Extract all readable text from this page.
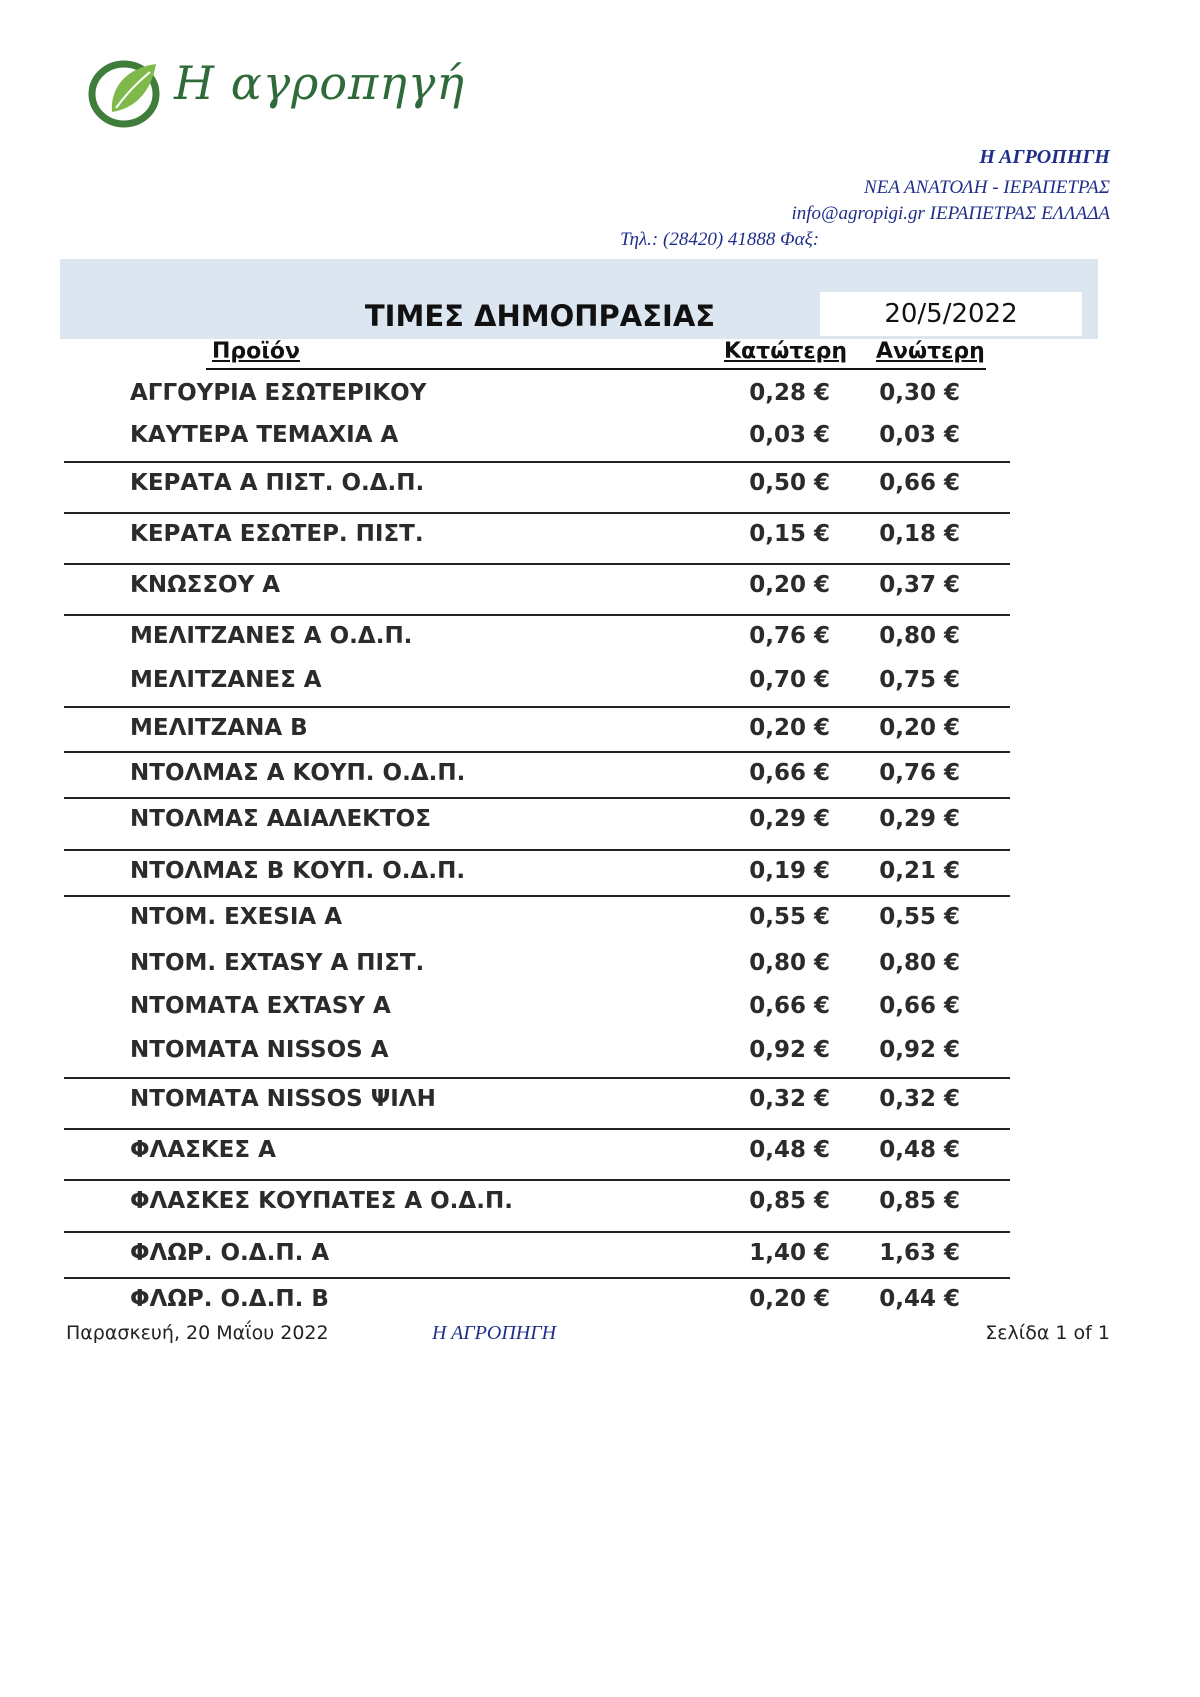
Η αγροπηγή
Η ΑΓΡΟΠΗΓΗ
ΝΕΑ ΑΝΑΤΟΛΗ - ΙΕΡΑΠΕΤΡΑΣ
info@agropigi.gr ΙΕΡΑΠΕΤΡΑΣ ΕΛΛΑΔΑ
Τηλ.: (28420) 41888 Φαξ:
ΤΙΜΕΣ ΔΗΜΟΠΡΑΣΙΑΣ	20/5/2022
Προϊόν	Κατώτερη Ανώτερη
ΑΓΓΟΥΡΙΑ ΕΣΩΤΕΡΙΚΟΥ	0,28 €	0,30 €
ΚΑΥΤΕΡΑ ΤΕΜΑΧΙΑ Α	0,03 €	0,03 €
ΚΕΡΑΤΑ Α ΠΙΣΤ. Ο.Δ.Π.	0,50 €	0,66 €
ΚΕΡΑΤΑ ΕΣΩΤΕΡ. ΠΙΣΤ.	0,15 €	0,18 €
ΚΝΩΣΣΟΥ Α	0,20 €	0,37 €
ΜΕΛΙΤΖΑΝΕΣ Α Ο.Δ.Π.	0,76 €	0,80 €
ΜΕΛΙΤΖΑΝΕΣ Α	0,70 €	0,75 €
ΜΕΛΙΤΖΑΝΑ Β	0,20 €	0,20 €
ΝΤΟΛΜΑΣ Α ΚΟΥΠ. Ο.Δ.Π.	0,66 €	0,76 €
ΝΤΟΛΜΑΣ ΑΔΙΑΛΕΚΤΟΣ	0,29 €	0,29 €
ΝΤΟΛΜΑΣ Β ΚΟΥΠ. Ο.Δ.Π.	0,19 €	0,21 €
ΝΤΟΜ. EXESIA A	0,55 €	0,55 €
ΝΤΟΜ. EXTASY A ΠΙΣΤ.	0,80 €	0,80 €
ΝΤΟΜΑΤΑ EXTASY A	0,66 €	0,66 €
ΝΤΟΜΑΤΑ NISSOS A	0,92 €	0,92 €
ΝΤΟΜΑΤΑ NISSOS ΨΙΛΗ	0,32 €	0,32 €
ΦΛΑΣΚΕΣ Α	0,48 €	0,48 €
ΦΛΑΣΚΕΣ ΚΟΥΠΑΤΕΣ Α Ο.Δ.Π.	0,85 €	0,85 €
ΦΛΩΡ. Ο.Δ.Π. Α	1,40 €	1,63 €
ΦΛΩΡ. Ο.Δ.Π. Β	0,20 €	0,44 €
Παρασκευή, 20 Μαΐου 2022	Η ΑΓΡΟΠΗΓΗ	Σελίδα 1 of 1
